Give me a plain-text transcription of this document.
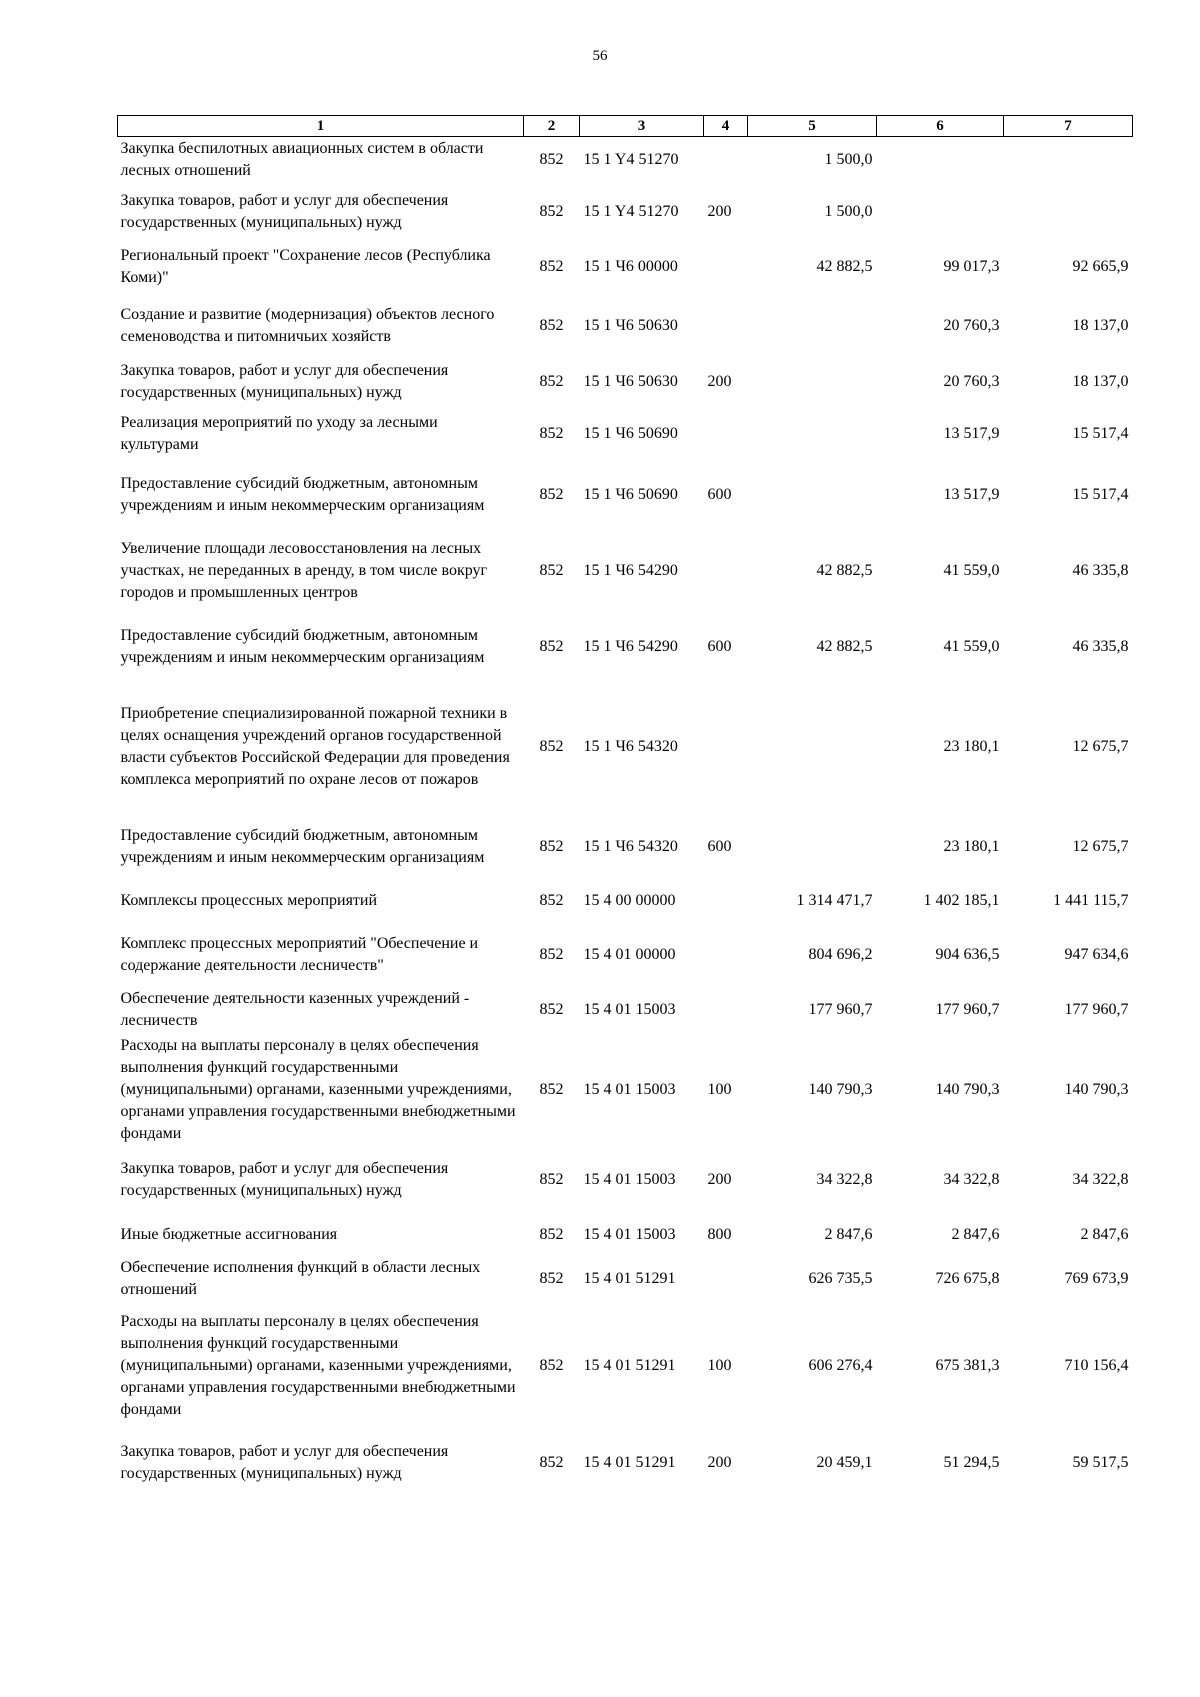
56
1	2	3	4	5	6	7
Закупка беспилотных авиационных систем в области лесных отношений	852	15 1 Y4 51270		1 500,0		
Закупка товаров, работ и услуг для обеспечения государственных (муниципальных) нужд	852	15 1 Y4 51270	200	1 500,0		
Региональный проект "Сохранение лесов (Республика Коми)"	852	15 1 Ч6 00000		42 882,5	99 017,3	92 665,9
Создание и развитие (модернизация) объектов лесного семеноводства и питомничьих хозяйств	852	15 1 Ч6 50630			20 760,3	18 137,0
Закупка товаров, работ и услуг для обеспечения государственных (муниципальных) нужд	852	15 1 Ч6 50630	200		20 760,3	18 137,0
Реализация мероприятий по уходу за лесными культурами	852	15 1 Ч6 50690			13 517,9	15 517,4
Предоставление субсидий бюджетным, автономным учреждениям и иным некоммерческим организациям	852	15 1 Ч6 50690	600		13 517,9	15 517,4
Увеличение площади лесовосстановления на лесных участках, не переданных в аренду, в том числе вокруг городов и промышленных центров	852	15 1 Ч6 54290		42 882,5	41 559,0	46 335,8
Предоставление субсидий бюджетным, автономным учреждениям и иным некоммерческим организациям	852	15 1 Ч6 54290	600	42 882,5	41 559,0	46 335,8
Приобретение специализированной пожарной техники в целях оснащения учреждений органов государственной власти субъектов Российской Федерации для проведения комплекса мероприятий по охране лесов от пожаров	852	15 1 Ч6 54320			23 180,1	12 675,7
Предоставление субсидий бюджетным, автономным учреждениям и иным некоммерческим организациям	852	15 1 Ч6 54320	600		23 180,1	12 675,7
Комплексы процессных мероприятий	852	15 4 00 00000		1 314 471,7	1 402 185,1	1 441 115,7
Комплекс процессных мероприятий "Обеспечение и содержание деятельности лесничеств"	852	15 4 01 00000		804 696,2	904 636,5	947 634,6
Обеспечение деятельности казенных учреждений - лесничеств	852	15 4 01 15003		177 960,7	177 960,7	177 960,7
Расходы на выплаты персоналу в целях обеспечения выполнения функций государственными (муниципальными) органами, казенными учреждениями, органами управления государственными внебюджетными фондами	852	15 4 01 15003	100	140 790,3	140 790,3	140 790,3
Закупка товаров, работ и услуг для обеспечения государственных (муниципальных) нужд	852	15 4 01 15003	200	34 322,8	34 322,8	34 322,8
Иные бюджетные ассигнования	852	15 4 01 15003	800	2 847,6	2 847,6	2 847,6
Обеспечение исполнения функций в области лесных отношений	852	15 4 01 51291		626 735,5	726 675,8	769 673,9
Расходы на выплаты персоналу в целях обеспечения выполнения функций государственными (муниципальными) органами, казенными учреждениями, органами управления государственными внебюджетными фондами	852	15 4 01 51291	100	606 276,4	675 381,3	710 156,4
Закупка товаров, работ и услуг для обеспечения государственных (муниципальных) нужд	852	15 4 01 51291	200	20 459,1	51 294,5	59 517,5
